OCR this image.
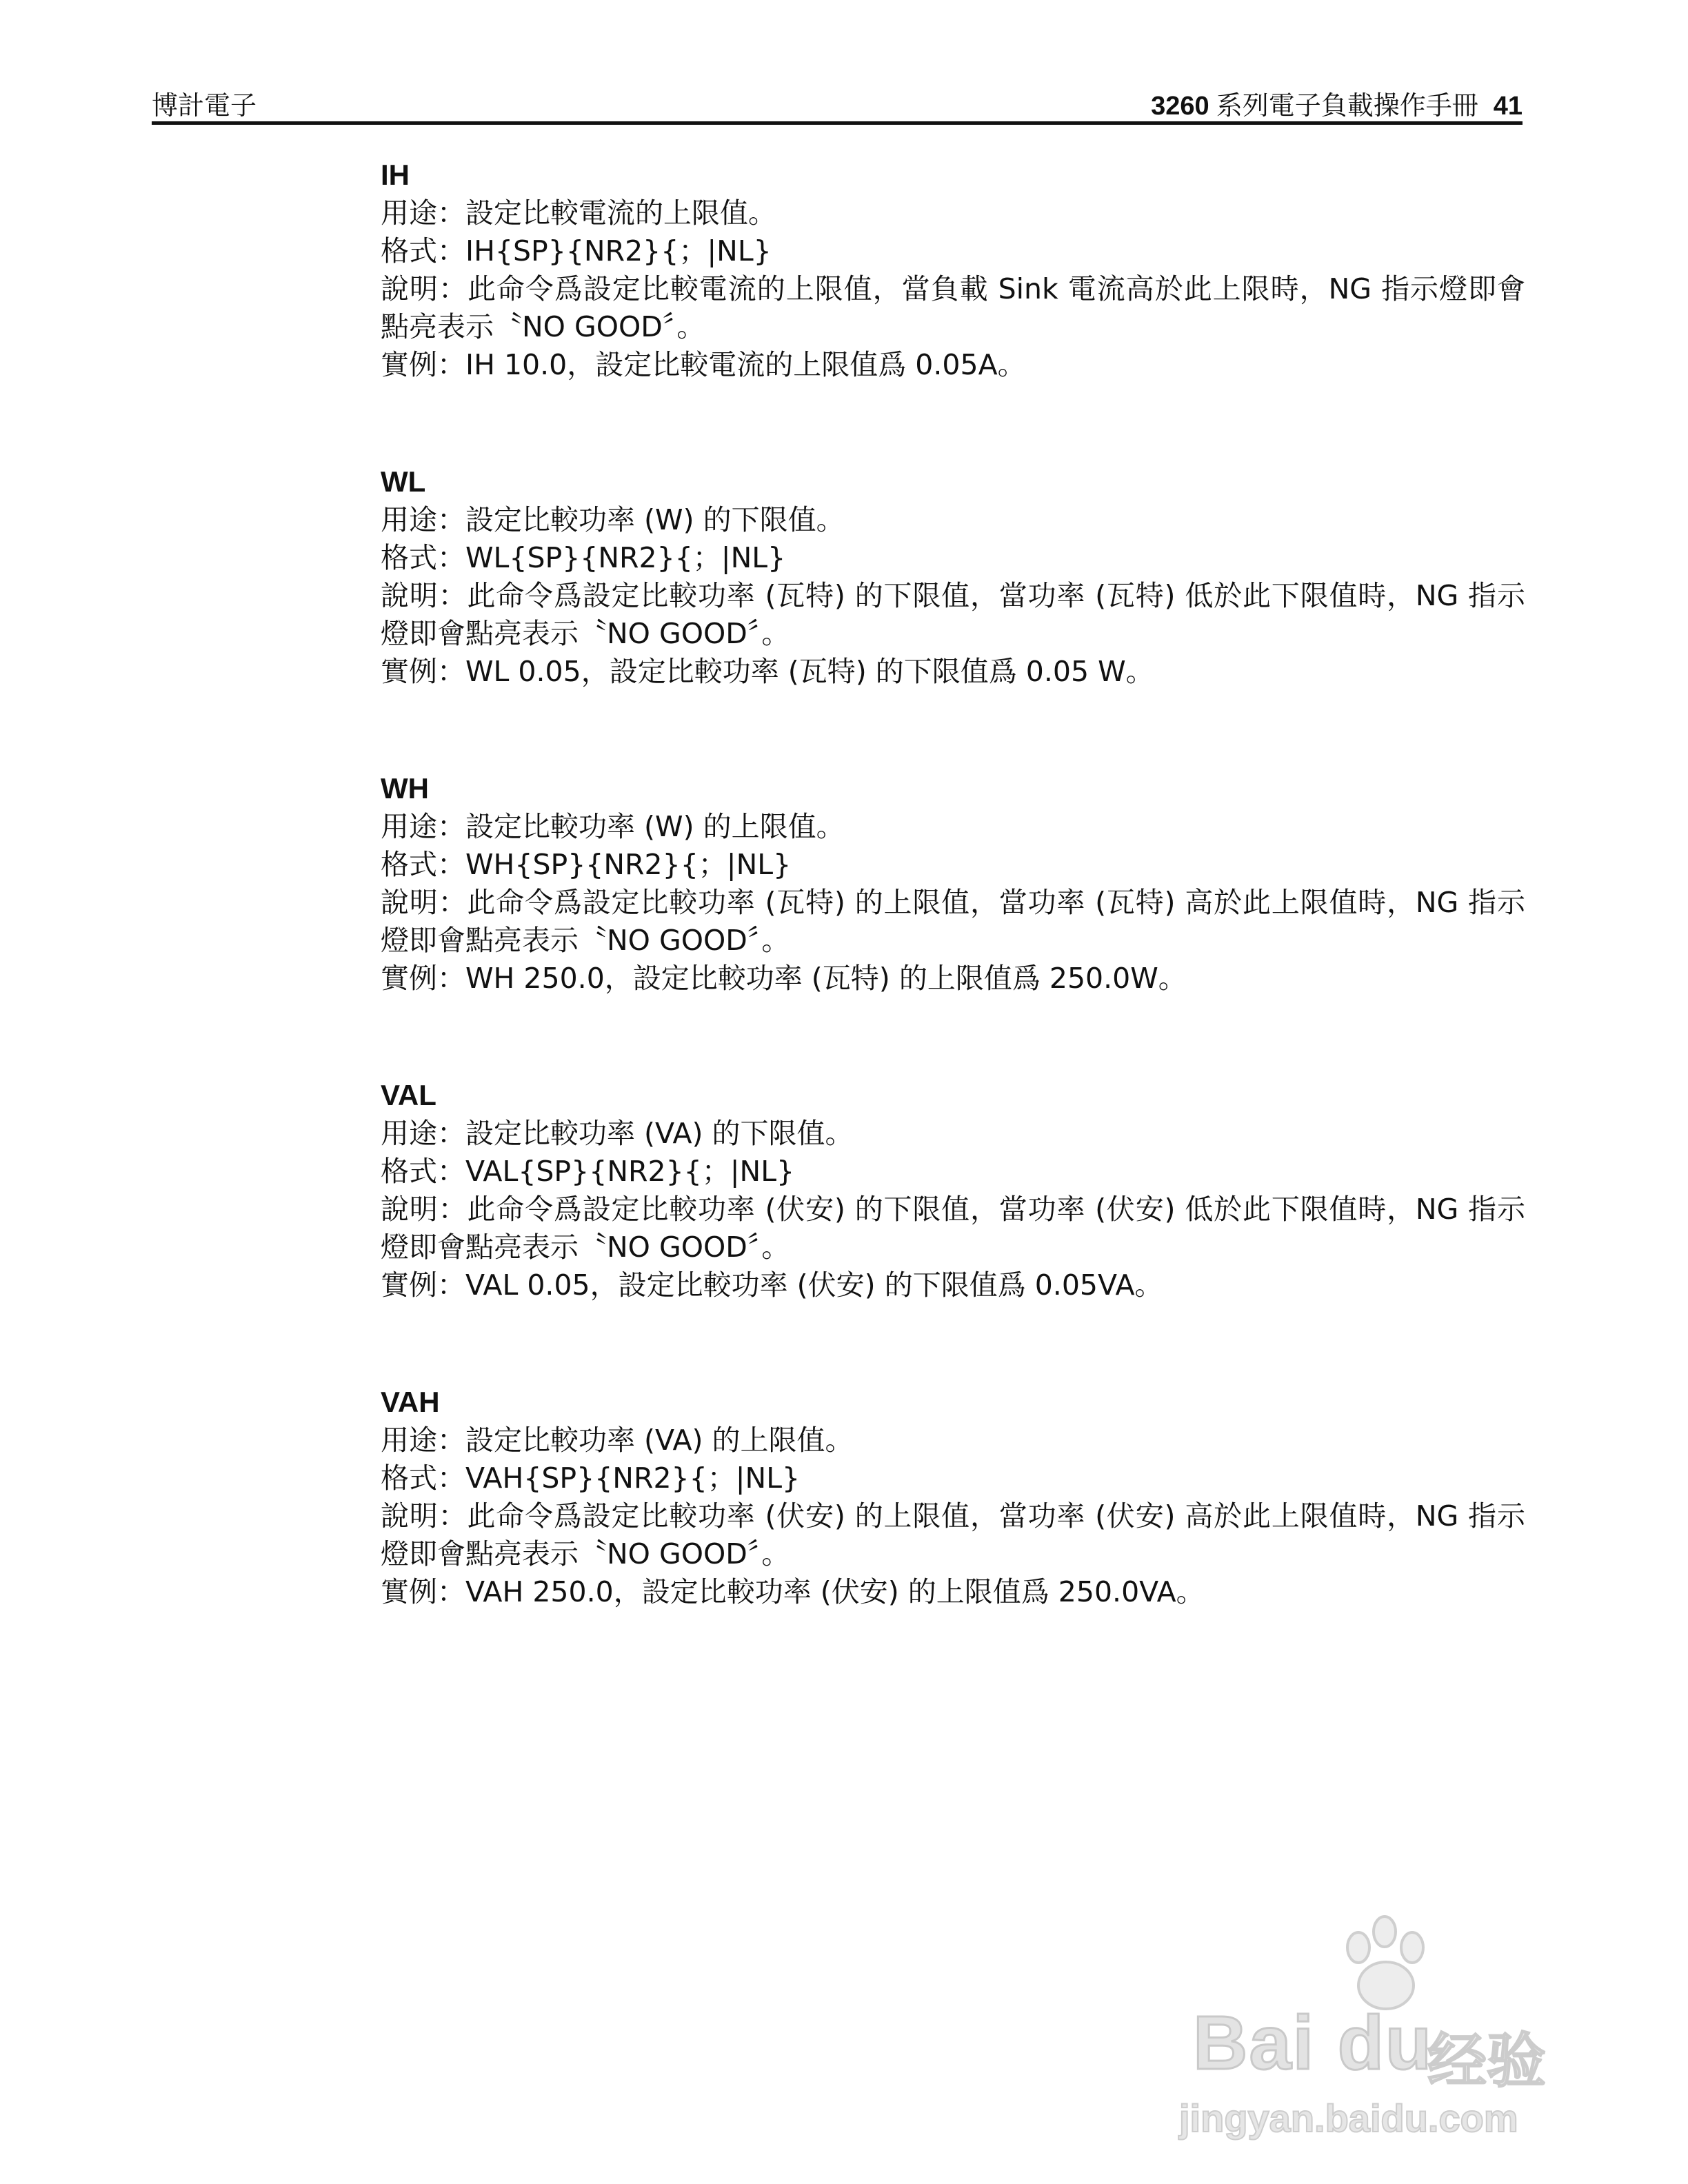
博計電子	3260 系列電子負載操作手冊 41
IH
用途：設定比較電流的上限值。
格式：IH{SP}{NR2}{；|NL}
說明：此命令爲設定比較電流的上限值，當負載 Sink 電流高於此上限時，NG 指示燈即會點亮表示〝NO GOOD〞。
實例：IH 10.0，設定比較電流的上限值爲 0.05A。
WL
用途：設定比較功率 (W) 的下限值。
格式：WL{SP}{NR2}{；|NL}
說明：此命令爲設定比較功率 (瓦特) 的下限值，當功率 (瓦特) 低於此下限值時，NG 指示燈即會點亮表示〝NO GOOD〞。
實例：WL 0.05，設定比較功率 (瓦特) 的下限值爲 0.05 W。
WH
用途：設定比較功率 (W) 的上限值。
格式：WH{SP}{NR2}{；|NL}
說明：此命令爲設定比較功率 (瓦特) 的上限值，當功率 (瓦特) 高於此上限值時，NG 指示燈即會點亮表示〝NO GOOD〞。
實例：WH 250.0，設定比較功率 (瓦特) 的上限值爲 250.0W。
VAL
用途：設定比較功率 (VA) 的下限值。
格式：VAL{SP}{NR2}{；|NL}
說明：此命令爲設定比較功率 (伏安) 的下限值，當功率 (伏安) 低於此下限值時，NG 指示燈即會點亮表示〝NO GOOD〞。
實例：VAL 0.05，設定比較功率 (伏安) 的下限值爲 0.05VA。
VAH
用途：設定比較功率 (VA) 的上限值。
格式：VAH{SP}{NR2}{；|NL}
說明：此命令爲設定比較功率 (伏安) 的上限值，當功率 (伏安) 高於此上限值時，NG 指示燈即會點亮表示〝NO GOOD〞。
實例：VAH 250.0，設定比較功率 (伏安) 的上限值爲 250.0VA。
Bai du
经验
jingyan.baidu.com
